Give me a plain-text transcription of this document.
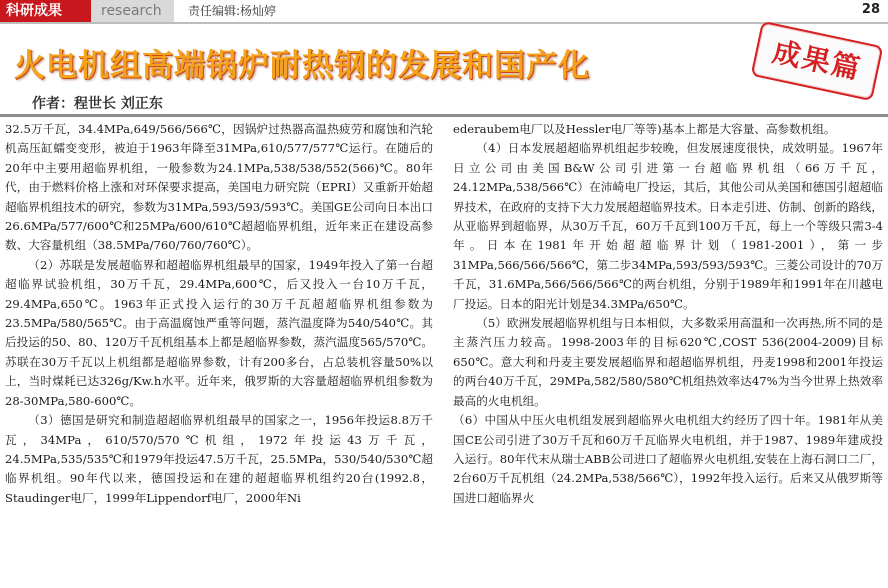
科研成果	research	责任编辑:杨灿婷	28
火电机组高端锅炉耐热钢的发展和国产化	成果篇
作者：程世长 刘正东

32.5万千瓦，34.4MPa,649/566/566℃，因锅炉过热器高温热疲劳和腐蚀和汽轮机高压缸蠕变变形，被迫于1963年降至31MPa,610/577/577℃运行。在随后的20年中主要用超临界机组，一般参数为24.1MPa,538/538/552(566)℃。80年代，由于燃料价格上涨和对环保要求提高，美国电力研究院（EPRI）又重新开始超超临界机组技术的研究，参数为31MPa,593/593/593℃。美国GE公司向日本出口26.6MPa/577/600℃和25MPa/600/610℃超超临界机组，近年来正在建设高参数、大容量机组（38.5MPa/760/760/760℃）。

（2）苏联是发展超临界和超超临界机组最早的国家，1949年投入了第一台超超临界试验机组，30万千瓦，29.4MPa,600℃，后又投入一台10万千瓦，29.4MPa,650℃。1963年正式投入运行的30万千瓦超超临界机组参数为23.5MPa/580/565℃。由于高温腐蚀严重等问题，蒸汽温度降为540/540℃。其后投运的50、80、120万千瓦机组基本上都是超临界参数，蒸汽温度565/570℃。苏联在30万千瓦以上机组都是超临界参数，计有200多台，占总装机容量50%以上，当时煤耗已达326g/Kw.h水平。近年来，俄罗斯的大容量超超临界机组参数为28-30MPa,580-600℃。

（3）德国是研究和制造超超临界机组最早的国家之一，1956年投运8.8万千瓦，34MPa，610/570/570℃机组，1972年投运43万千瓦，24.5MPa,535/535℃和1979年投运47.5万千瓦，25.5MPa，530/540/530℃超临界机组。90年代以来，德国投运和在建的超超临界机组约20台(1992.8，Staudinger电厂，1999年Lippendorf电厂，2000年Ni

ederaubem电厂以及Hessler电厂等等)基本上都是大容量、高参数机组。

（4）日本发展超超临界机组起步较晚，但发展速度很快，成效明显。1967年日立公司由美国B&W公司引进第一台超临界机组（66万千瓦，24.12MPa,538/566℃）在沛崎电厂投运，其后，其他公司从美国和德国引超超临界技术，在政府的支持下大力发展超超临界技术。日本走引进、仿制、创新的路线，从亚临界到超临界，从30万千瓦，60万千瓦到100万千瓦，每上一个等级只需3-4年。日本在1981年开始超超临界计划（1981-2001），第一步31MPa,566/566/566℃，第二步34MPa,593/593/593℃。三菱公司设计的70万千瓦，31.6MPa,566/566/566℃的两台机组，分别于1989年和1991年在川越电厂投运。日本的阳光计划是34.3MPa/650℃。

（5）欧洲发展超临界机组与日本相似，大多数采用高温和一次再热,所不同的是主蒸汽压力较高。1998-2003年的目标620℃,COST 536(2004-2009)目标650℃。意大利和丹麦主要发展超临界和超超临界机组，丹麦1998和2001年投运的两台40万千瓦，29MPa,582/580/580℃机组热效率达47%为当今世界上热效率最高的火电机组。

（6）中国从中压火电机组发展到超临界火电机组大约经历了四十年。1981年从美国CE公司引进了30万千瓦和60万千瓦临界火电机组，并于1987、1989年建成投入运行。80年代末从瑞士ABB公司进口了超临界火电机组,安装在上海石洞口二厂，2台60万千瓦机组（24.2MPa,538/566℃），1992年投入运行。后来又从俄罗斯等国进口超临界火
